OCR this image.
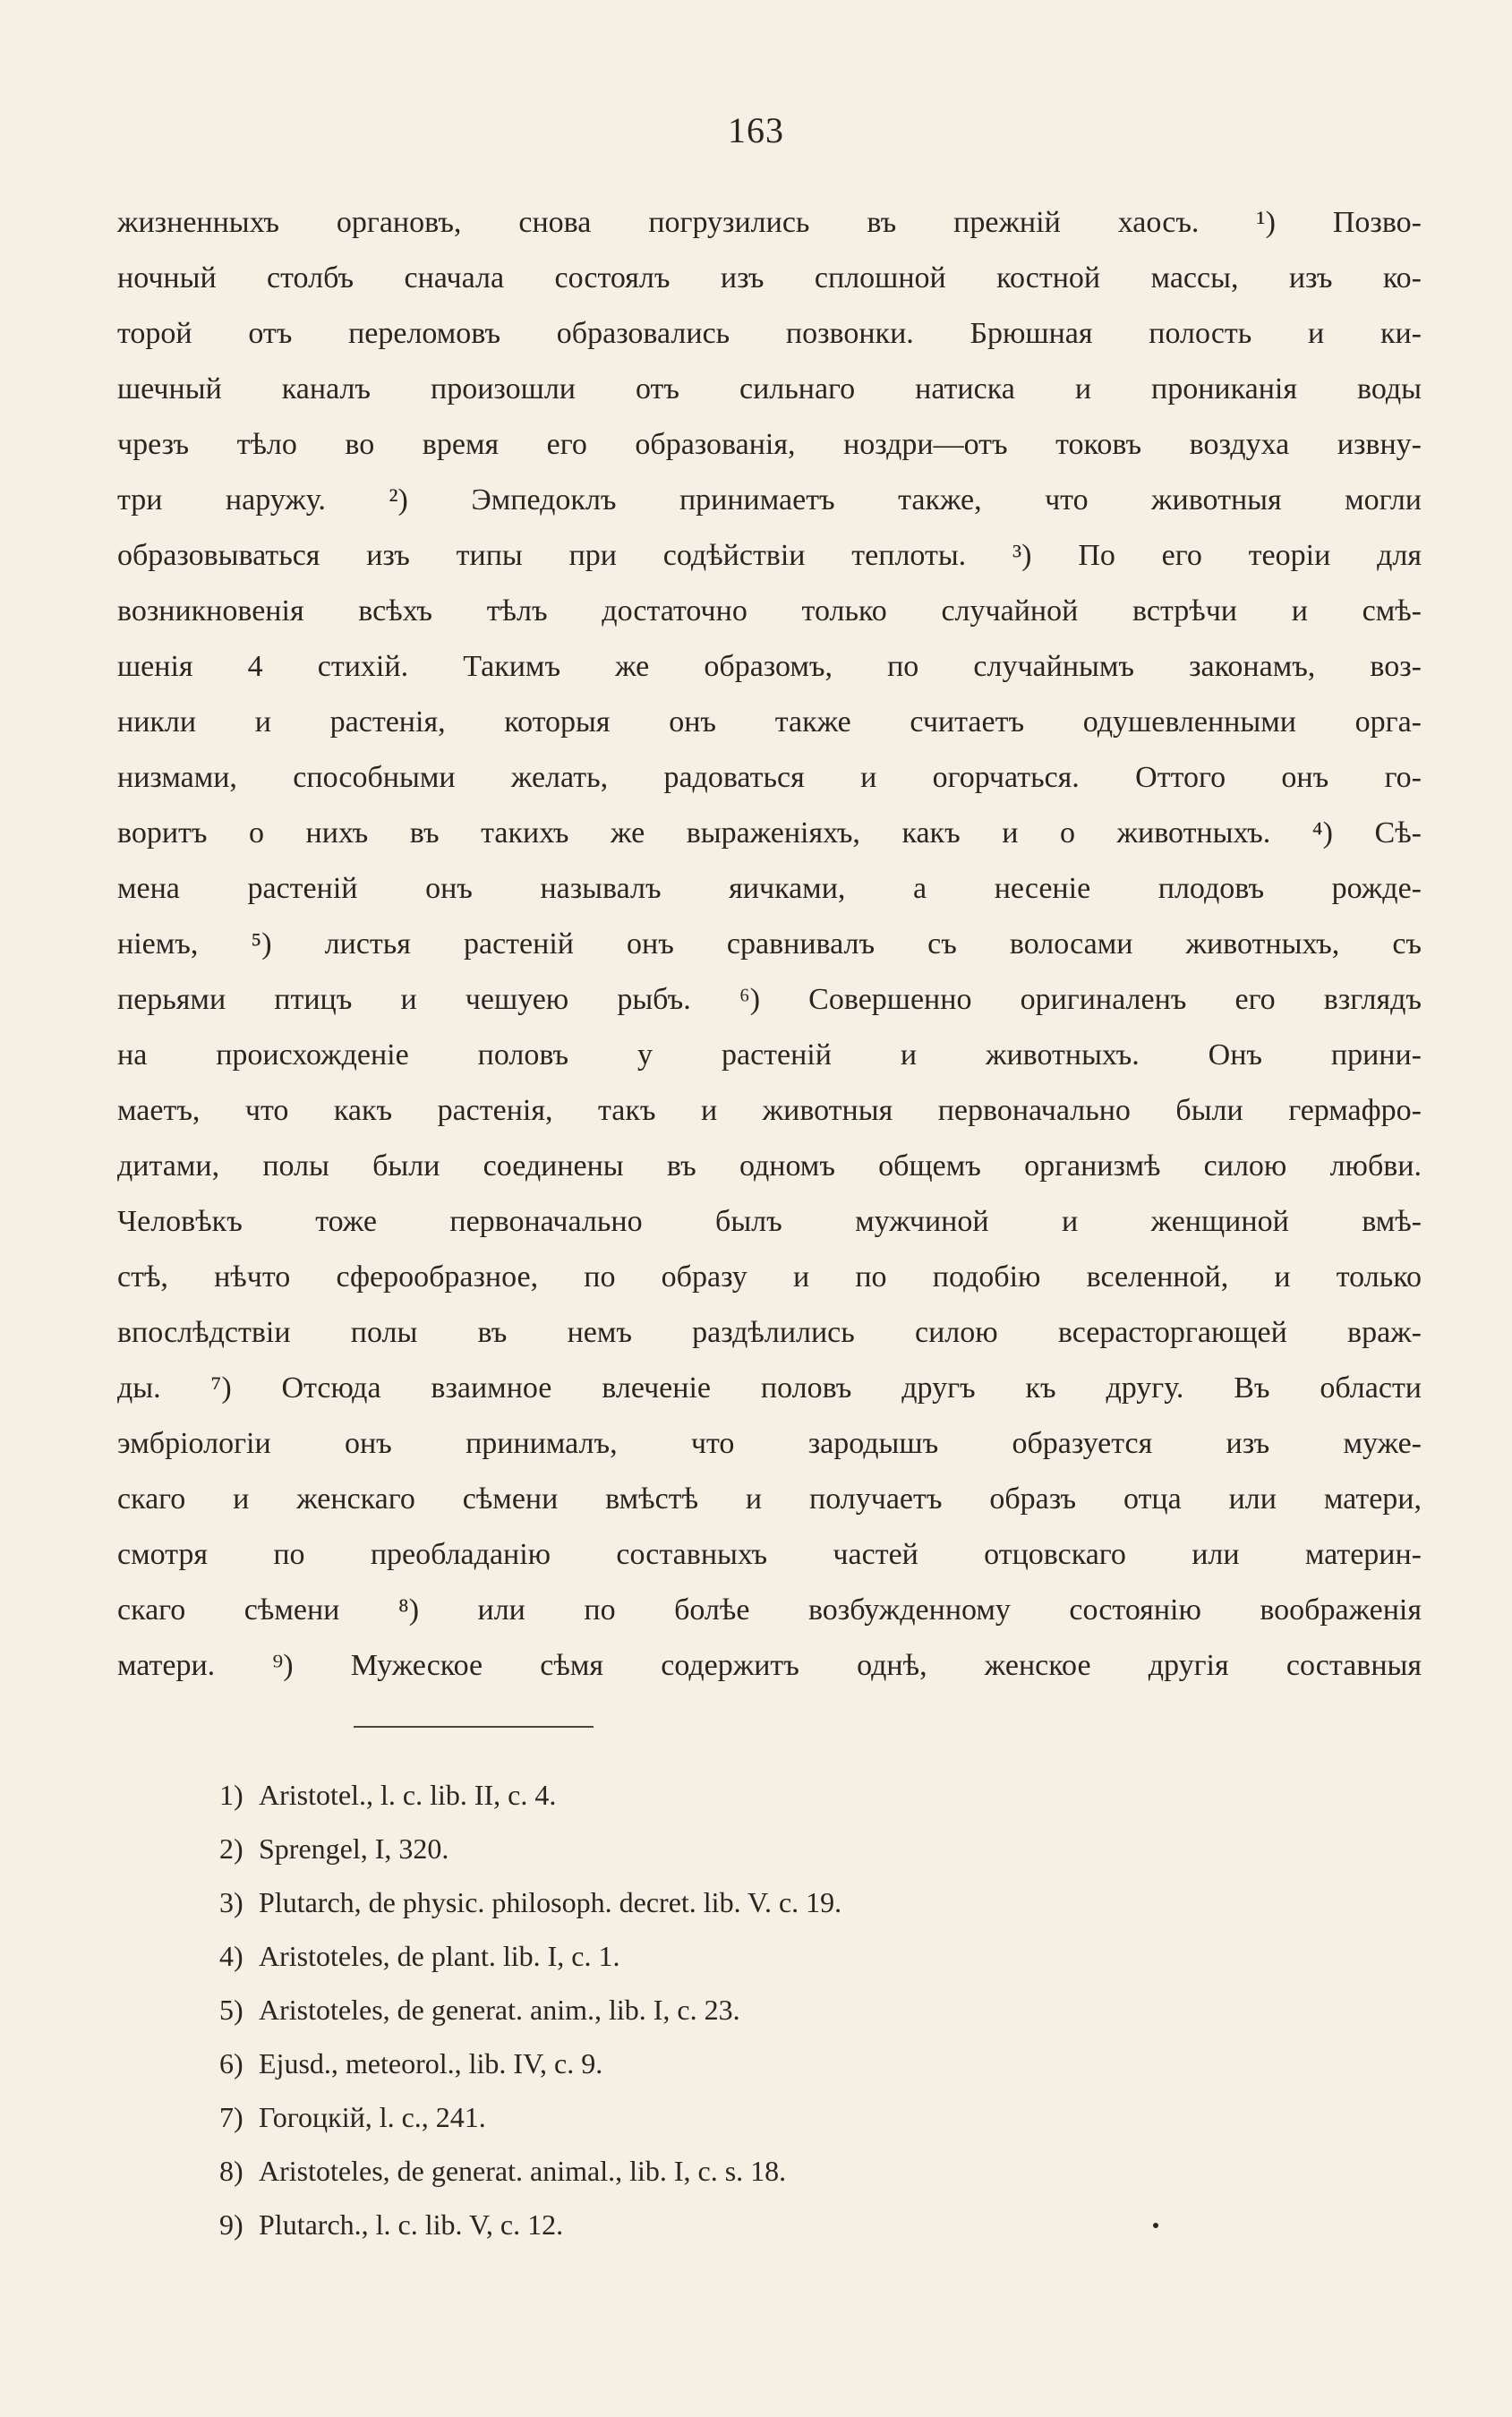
163
жизненныхъ органовъ, снова погрузились въ прежній хаосъ. ¹) Позво-
ночный столбъ сначала состоялъ изъ сплошной костной массы, изъ ко-
торой отъ переломовъ образовались позвонки. Брюшная полость и ки-
шечный каналъ произошли отъ сильнаго натиска и прониканія воды
чрезъ тѣло во время его образованія, ноздри—отъ токовъ воздуха извну-
три наружу. ²) Эмпедоклъ принимаетъ также, что животныя могли
образовываться изъ типы при содѣйствіи теплоты. ³) По его теоріи для
возникновенія всѣхъ тѣлъ достаточно только случайной встрѣчи и смѣ-
шенія 4 стихій. Такимъ же образомъ, по случайнымъ законамъ, воз-
никли и растенія, которыя онъ также считаетъ одушевленными орга-
низмами, способными желать, радоваться и огорчаться. Оттого онъ го-
воритъ о нихъ въ такихъ же выраженіяхъ, какъ и о животныхъ. ⁴) Сѣ-
мена растеній онъ называлъ яичками, а несеніе плодовъ рожде-
ніемъ, ⁵) листья растеній онъ сравнивалъ съ волосами животныхъ, съ
перьями птицъ и чешуею рыбъ. ⁶) Совершенно оригиналенъ его взглядъ
на происхожденіе половъ у растеній и животныхъ. Онъ прини-
маетъ, что какъ растенія, такъ и животныя первоначально были гермафро-
дитами, полы были соединены въ одномъ общемъ организмѣ силою любви.
Человѣкъ тоже первоначально былъ мужчиной и женщиной вмѣ-
стѣ, нѣчто сферообразное, по образу и по подобію вселенной, и только
впослѣдствіи полы въ немъ раздѣлились силою всерасторгающей враж-
ды. ⁷) Отсюда взаимное влеченіе половъ другъ къ другу. Въ области
эмбріологіи онъ принималъ, что зародышъ образуется изъ муже-
скаго и женскаго сѣмени вмѣстѣ и получаетъ образъ отца или матери,
смотря по преобладанію составныхъ частей отцовскаго или материн-
скаго сѣмени ⁸) или по болѣе возбужденному состоянію воображенія
матери. ⁹) Мужеское сѣмя содержитъ однѣ, женское другія составныя
1) Aristotel., l. c. lib. II, c. 4.
2) Sprengel, I, 320.
3) Plutarch, de physic. philosoph. decret. lib. V. c. 19.
4) Aristoteles, de plant. lib. I, c. 1.
5) Aristoteles, de generat. anim., lib. I, c. 23.
6) Ejusd., meteorol., lib. IV, c. 9.
7) Гогоцкій, l. c., 241.
8) Aristoteles, de generat. animal., lib. I, c. s. 18.
9) Plutarch., l. c. lib. V, c. 12.
